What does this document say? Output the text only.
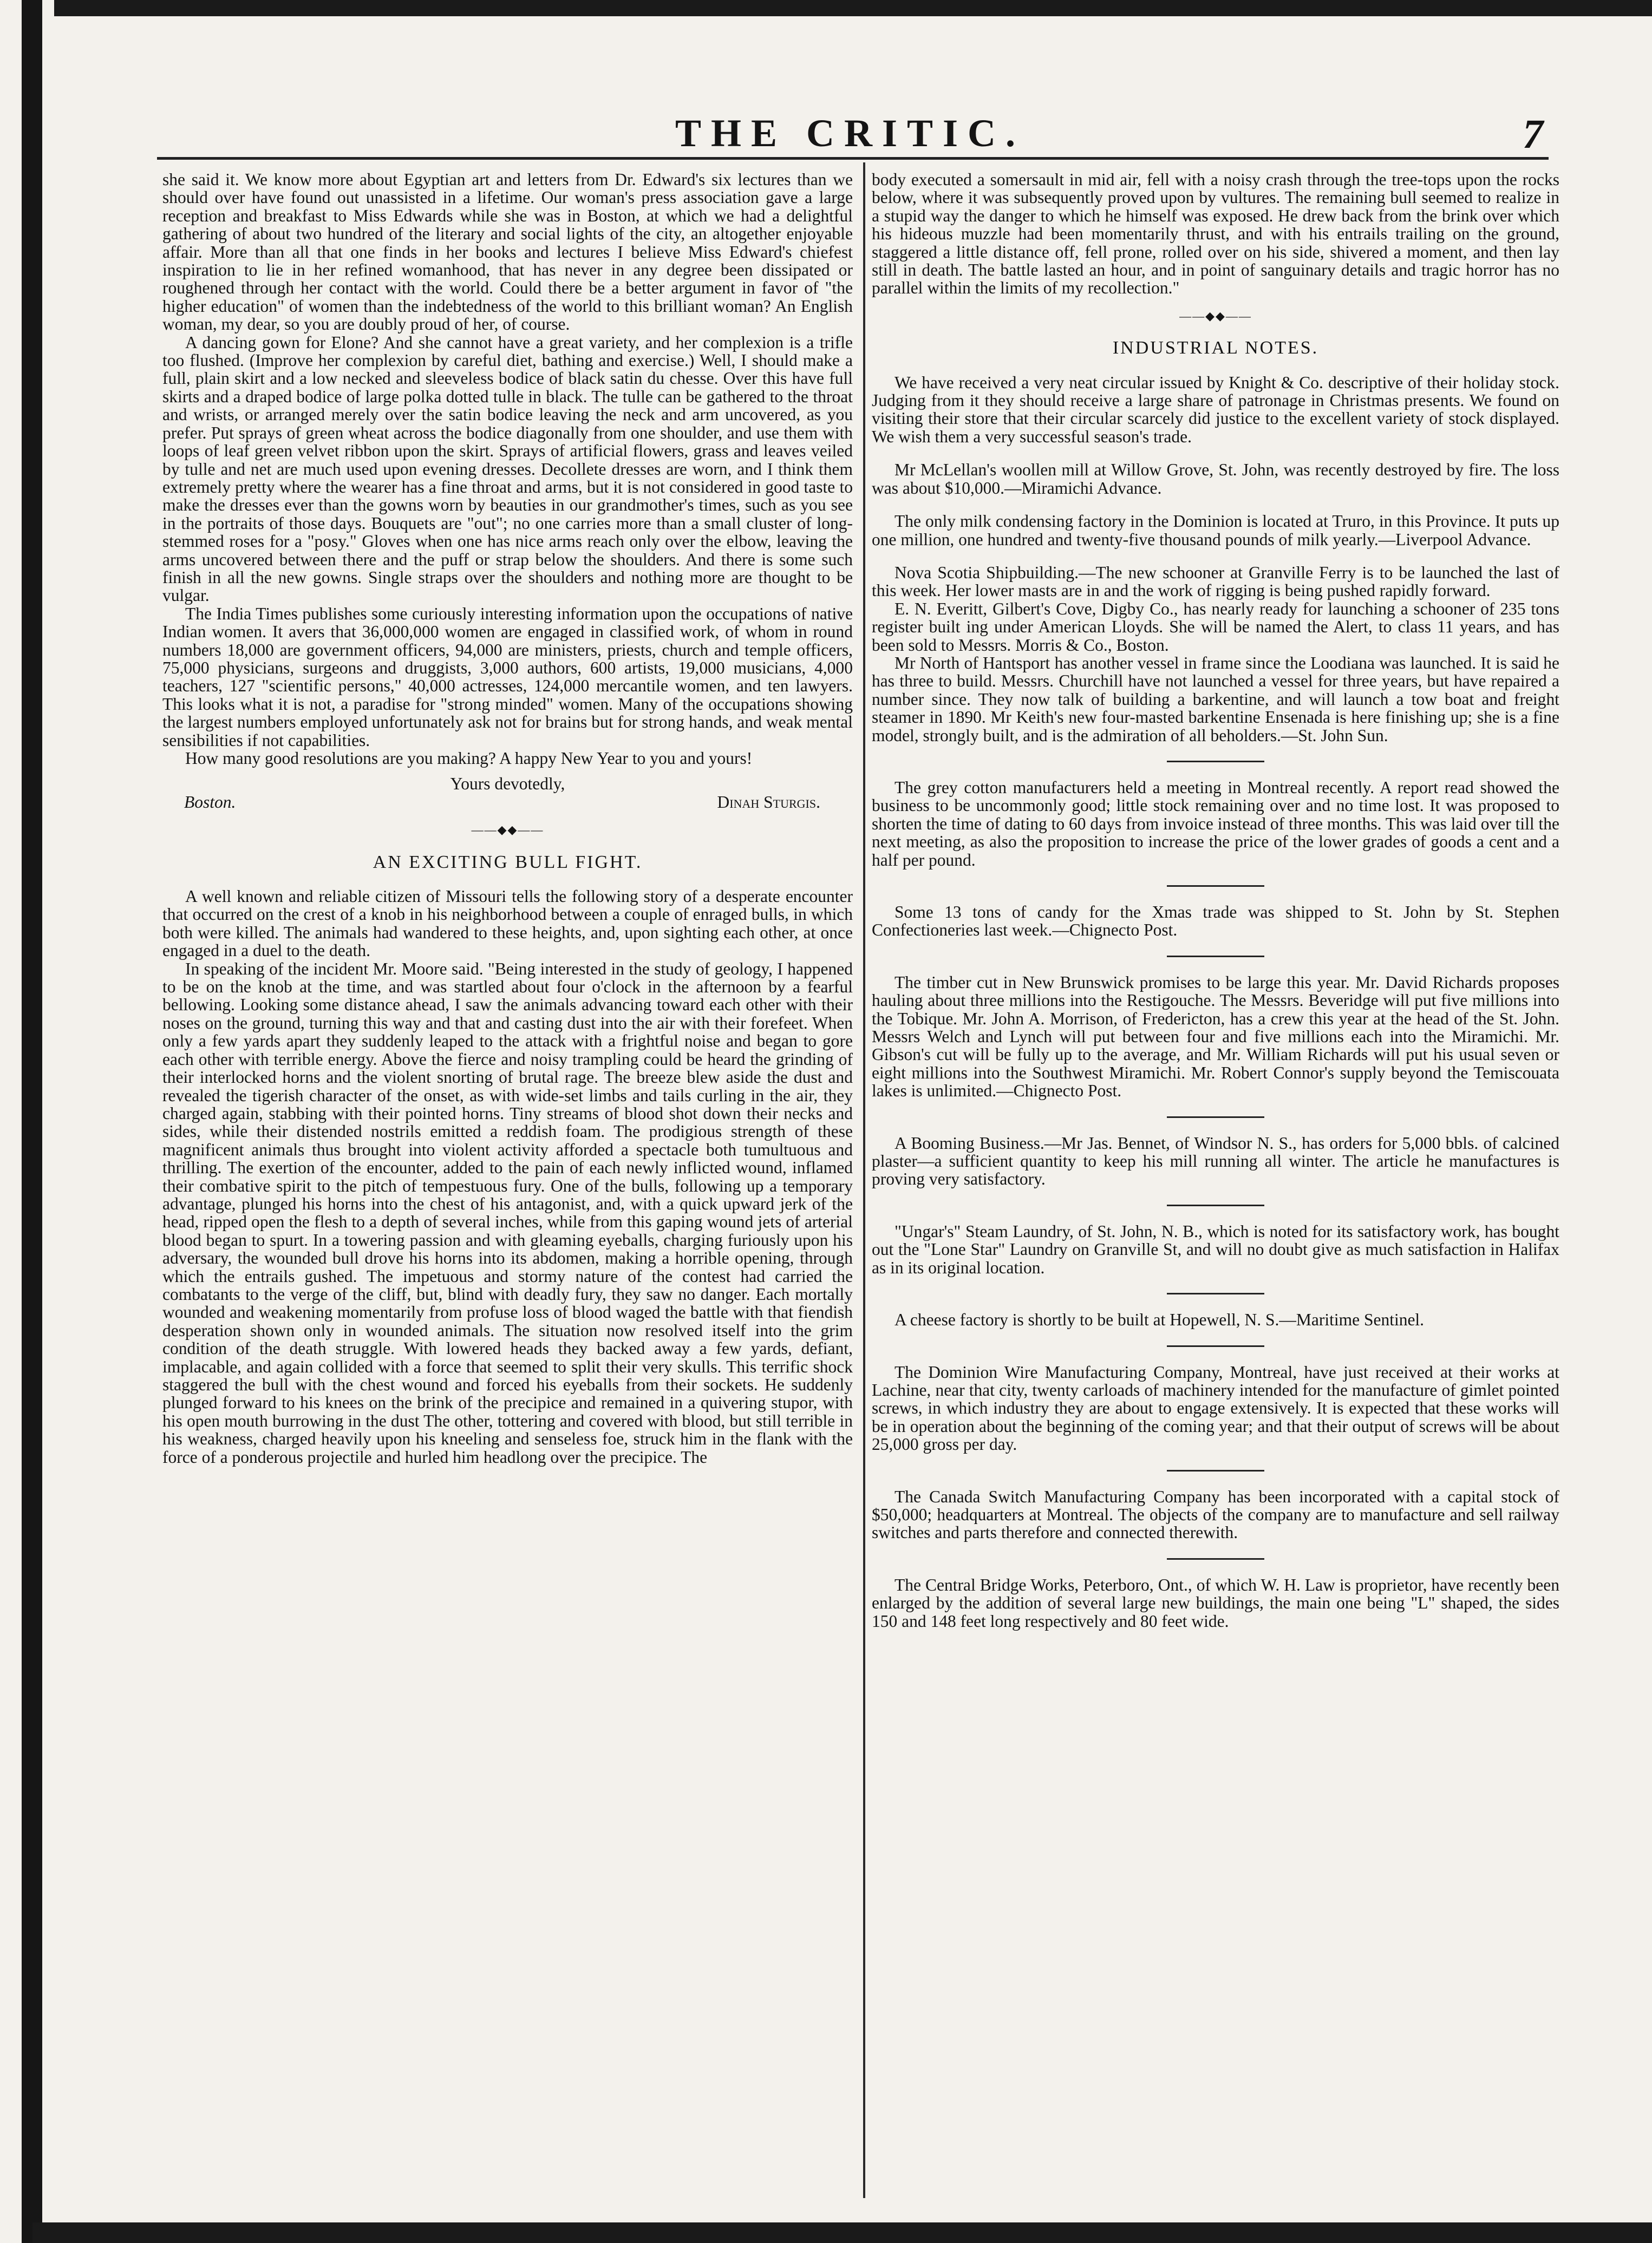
THE CRITIC.	7

she said it. We know more about Egyptian art and letters from Dr. Edward's six lectures than we should over have found out unassisted in a lifetime. Our woman's press association gave a large reception and breakfast to Miss Edwards while she was in Boston, at which we had a delightful gathering of about two hundred of the literary and social lights of the city, an altogether enjoyable affair. More than all that one finds in her books and lectures I believe Miss Edward's chiefest inspiration to lie in her refined womanhood, that has never in any degree been dissipated or roughened through her contact with the world. Could there be a better argument in favor of "the higher education" of women than the indebtedness of the world to this brilliant woman? An English woman, my dear, so you are doubly proud of her, of course.

A dancing gown for Elone? And she cannot have a great variety, and her complexion is a trifle too flushed. (Improve her complexion by careful diet, bathing and exercise.) Well, I should make a full, plain skirt and a low necked and sleeveless bodice of black satin du chesse. Over this have full skirts and a draped bodice of large polka dotted tulle in black. The tulle can be gathered to the throat and wrists, or arranged merely over the satin bodice leaving the neck and arm uncovered, as you prefer. Put sprays of green wheat across the bodice diagonally from one shoulder, and use them with loops of leaf green velvet ribbon upon the skirt. Sprays of artificial flowers, grass and leaves veiled by tulle and net are much used upon evening dresses. Decollete dresses are worn, and I think them extremely pretty where the wearer has a fine throat and arms, but it is not considered in good taste to make the dresses ever than the gowns worn by beauties in our grandmother's times, such as you see in the portraits of those days. Bouquets are "out"; no one carries more than a small cluster of long-stemmed roses for a "posy." Gloves when one has nice arms reach only over the elbow, leaving the arms uncovered between there and the puff or strap below the shoulders. And there is some such finish in all the new gowns. Single straps over the shoulders and nothing more are thought to be vulgar.

The India Times publishes some curiously interesting information upon the occupations of native Indian women. It avers that 36,000,000 women are engaged in classified work, of whom in round numbers 18,000 are government officers, 94,000 are ministers, priests, church and temple officers, 75,000 physicians, surgeons and druggists, 3,000 authors, 600 artists, 19,000 musicians, 4,000 teachers, 127 "scientific persons," 40,000 actresses, 124,000 mercantile women, and ten lawyers. This looks what it is not, a paradise for "strong minded" women. Many of the occupations showing the largest numbers employed unfortunately ask not for brains but for strong hands, and weak mental sensibilities if not capabilities.

How many good resolutions are you making? A happy New Year to you and yours!

Yours devotedly,
Boston.	Dinah Sturgis.
——◆◆——
AN EXCITING BULL FIGHT.

A well known and reliable citizen of Missouri tells the following story of a desperate encounter that occurred on the crest of a knob in his neighborhood between a couple of enraged bulls, in which both were killed. The animals had wandered to these heights, and, upon sighting each other, at once engaged in a duel to the death.

In speaking of the incident Mr. Moore said. "Being interested in the study of geology, I happened to be on the knob at the time, and was startled about four o'clock in the afternoon by a fearful bellowing. Looking some distance ahead, I saw the animals advancing toward each other with their noses on the ground, turning this way and that and casting dust into the air with their forefeet. When only a few yards apart they suddenly leaped to the attack with a frightful noise and began to gore each other with terrible energy. Above the fierce and noisy trampling could be heard the grinding of their interlocked horns and the violent snorting of brutal rage. The breeze blew aside the dust and revealed the tigerish character of the onset, as with wide-set limbs and tails curling in the air, they charged again, stabbing with their pointed horns. Tiny streams of blood shot down their necks and sides, while their distended nostrils emitted a reddish foam. The prodigious strength of these magnificent animals thus brought into violent activity afforded a spectacle both tumultuous and thrilling. The exertion of the encounter, added to the pain of each newly inflicted wound, inflamed their combative spirit to the pitch of tempestuous fury. One of the bulls, following up a temporary advantage, plunged his horns into the chest of his antagonist, and, with a quick upward jerk of the head, ripped open the flesh to a depth of several inches, while from this gaping wound jets of arterial blood began to spurt. In a towering passion and with gleaming eyeballs, charging furiously upon his adversary, the wounded bull drove his horns into its abdomen, making a horrible opening, through which the entrails gushed. The impetuous and stormy nature of the contest had carried the combatants to the verge of the cliff, but, blind with deadly fury, they saw no danger. Each mortally wounded and weakening momentarily from profuse loss of blood waged the battle with that fiendish desperation shown only in wounded animals. The situation now resolved itself into the grim condition of the death struggle. With lowered heads they backed away a few yards, defiant, implacable, and again collided with a force that seemed to split their very skulls. This terrific shock staggered the bull with the chest wound and forced his eyeballs from their sockets. He suddenly plunged forward to his knees on the brink of the precipice and remained in a quivering stupor, with his open mouth burrowing in the dust The other, tottering and covered with blood, but still terrible in his weakness, charged heavily upon his kneeling and senseless foe, struck him in the flank with the force of a ponderous projectile and hurled him headlong over the precipice. The

body executed a somersault in mid air, fell with a noisy crash through the tree-tops upon the rocks below, where it was subsequently proved upon by vultures. The remaining bull seemed to realize in a stupid way the danger to which he himself was exposed. He drew back from the brink over which his hideous muzzle had been momentarily thrust, and with his entrails trailing on the ground, staggered a little distance off, fell prone, rolled over on his side, shivered a moment, and then lay still in death. The battle lasted an hour, and in point of sanguinary details and tragic horror has no parallel within the limits of my recollection."

——◆◆——
INDUSTRIAL NOTES.

We have received a very neat circular issued by Knight & Co. descriptive of their holiday stock. Judging from it they should receive a large share of patronage in Christmas presents. We found on visiting their store that their circular scarcely did justice to the excellent variety of stock displayed. We wish them a very successful season's trade.

Mr McLellan's woollen mill at Willow Grove, St. John, was recently destroyed by fire. The loss was about $10,000.—Miramichi Advance.

The only milk condensing factory in the Dominion is located at Truro, in this Province. It puts up one million, one hundred and twenty-five thousand pounds of milk yearly.—Liverpool Advance.

Nova Scotia Shipbuilding.—The new schooner at Granville Ferry is to be launched the last of this week. Her lower masts are in and the work of rigging is being pushed rapidly forward.

E. N. Everitt, Gilbert's Cove, Digby Co., has nearly ready for launching a schooner of 235 tons register built ing under American Lloyds. She will be named the Alert, to class 11 years, and has been sold to Messrs. Morris & Co., Boston.

Mr North of Hantsport has another vessel in frame since the Loodiana was launched. It is said he has three to build. Messrs. Churchill have not launched a vessel for three years, but have repaired a number since. They now talk of building a barkentine, and will launch a tow boat and freight steamer in 1890. Mr Keith's new four-masted barkentine Ensenada is here finishing up; she is a fine model, strongly built, and is the admiration of all beholders.—St. John Sun.

The grey cotton manufacturers held a meeting in Montreal recently. A report read showed the business to be uncommonly good; little stock remaining over and no time lost. It was proposed to shorten the time of dating to 60 days from invoice instead of three months. This was laid over till the next meeting, as also the proposition to increase the price of the lower grades of goods a cent and a half per pound.

Some 13 tons of candy for the Xmas trade was shipped to St. John by St. Stephen Confectioneries last week.—Chignecto Post.

The timber cut in New Brunswick promises to be large this year. Mr. David Richards proposes hauling about three millions into the Restigouche. The Messrs. Beveridge will put five millions into the Tobique. Mr. John A. Morrison, of Fredericton, has a crew this year at the head of the St. John. Messrs Welch and Lynch will put between four and five millions each into the Miramichi. Mr. Gibson's cut will be fully up to the average, and Mr. William Richards will put his usual seven or eight millions into the Southwest Miramichi. Mr. Robert Connor's supply beyond the Temiscouata lakes is unlimited.—Chignecto Post.

A Booming Business.—Mr Jas. Bennet, of Windsor N. S., has orders for 5,000 bbls. of calcined plaster—a sufficient quantity to keep his mill running all winter. The article he manufactures is proving very satisfactory.

"Ungar's" Steam Laundry, of St. John, N. B., which is noted for its satisfactory work, has bought out the "Lone Star" Laundry on Granville St, and will no doubt give as much satisfaction in Halifax as in its original location.

A cheese factory is shortly to be built at Hopewell, N. S.—Maritime Sentinel.

The Dominion Wire Manufacturing Company, Montreal, have just received at their works at Lachine, near that city, twenty carloads of machinery intended for the manufacture of gimlet pointed screws, in which industry they are about to engage extensively. It is expected that these works will be in operation about the beginning of the coming year; and that their output of screws will be about 25,000 gross per day.

The Canada Switch Manufacturing Company has been incorporated with a capital stock of $50,000; headquarters at Montreal. The objects of the company are to manufacture and sell railway switches and parts therefore and connected therewith.

The Central Bridge Works, Peterboro, Ont., of which W. H. Law is proprietor, have recently been enlarged by the addition of several large new buildings, the main one being "L" shaped, the sides 150 and 148 feet long respectively and 80 feet wide.
